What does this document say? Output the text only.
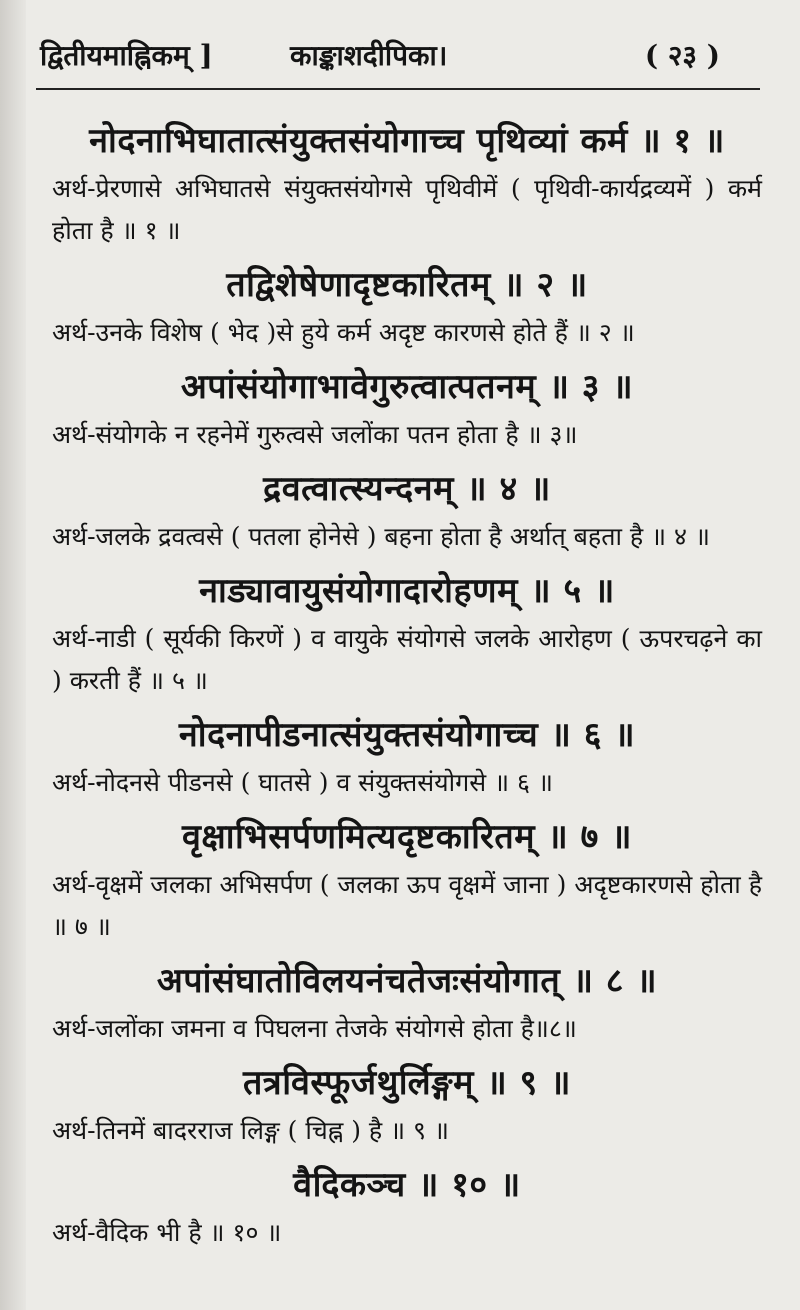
द्वितीयमाह्निकम् ]	काङ्काशदीपिका।	( २३ )
नोदनाभिघातात्संयुक्तसंयोगाच्च पृथिव्यां कर्म ॥ १ ॥
अर्थ-प्रेरणासे अभिघातसे संयुक्तसंयोगसे पृथिवीमें ( पृथिवी-कार्यद्रव्यमें ) कर्म होता है ॥ १ ॥
तद्विशेषेणादृष्टकारितम् ॥ २ ॥
अर्थ-उनके विशेष ( भेद )से हुये कर्म अदृष्ट कारणसे होते हैं ॥ २ ॥
अपांसंयोगाभावेगुरुत्वात्पतनम् ॥ ३ ॥
अर्थ-संयोगके न रहनेमें गुरुत्वसे जलोंका पतन होता है ॥ ३॥
द्रवत्वात्स्यन्दनम् ॥ ४ ॥
अर्थ-जलके द्रवत्वसे ( पतला होनेसे ) बहना होता है अर्थात् बहता है ॥ ४ ॥
नाड्यावायुसंयोगादारोहणम् ॥ ५ ॥
अर्थ-नाडी ( सूर्यकी किरणें ) व वायुके संयोगसे जलके आरोहण ( ऊपरचढ़ने का ) करती हैं ॥ ५ ॥
नोदनापीडनात्संयुक्तसंयोगाच्च ॥ ६ ॥
अर्थ-नोदनसे पीडनसे ( घातसे ) व संयुक्तसंयोगसे ॥ ६ ॥
वृक्षाभिसर्पणमित्यदृष्टकारितम् ॥ ७ ॥
अर्थ-वृक्षमें जलका अभिसर्पण ( जलका ऊप वृक्षमें जाना ) अदृष्टकारणसे होता है ॥ ७ ॥
अपांसंघातोविलयनंचतेजःसंयोगात् ॥ ८ ॥
अर्थ-जलोंका जमना व पिघलना तेजके संयोगसे होता है॥८॥
तत्रविस्फूर्जथुर्लिङ्गम् ॥ ९ ॥
अर्थ-तिनमें बादरराज लिङ्ग ( चिह्न ) है ॥ ९ ॥
वैदिकञ्च ॥ १० ॥
अर्थ-वैदिक भी है ॥ १० ॥
